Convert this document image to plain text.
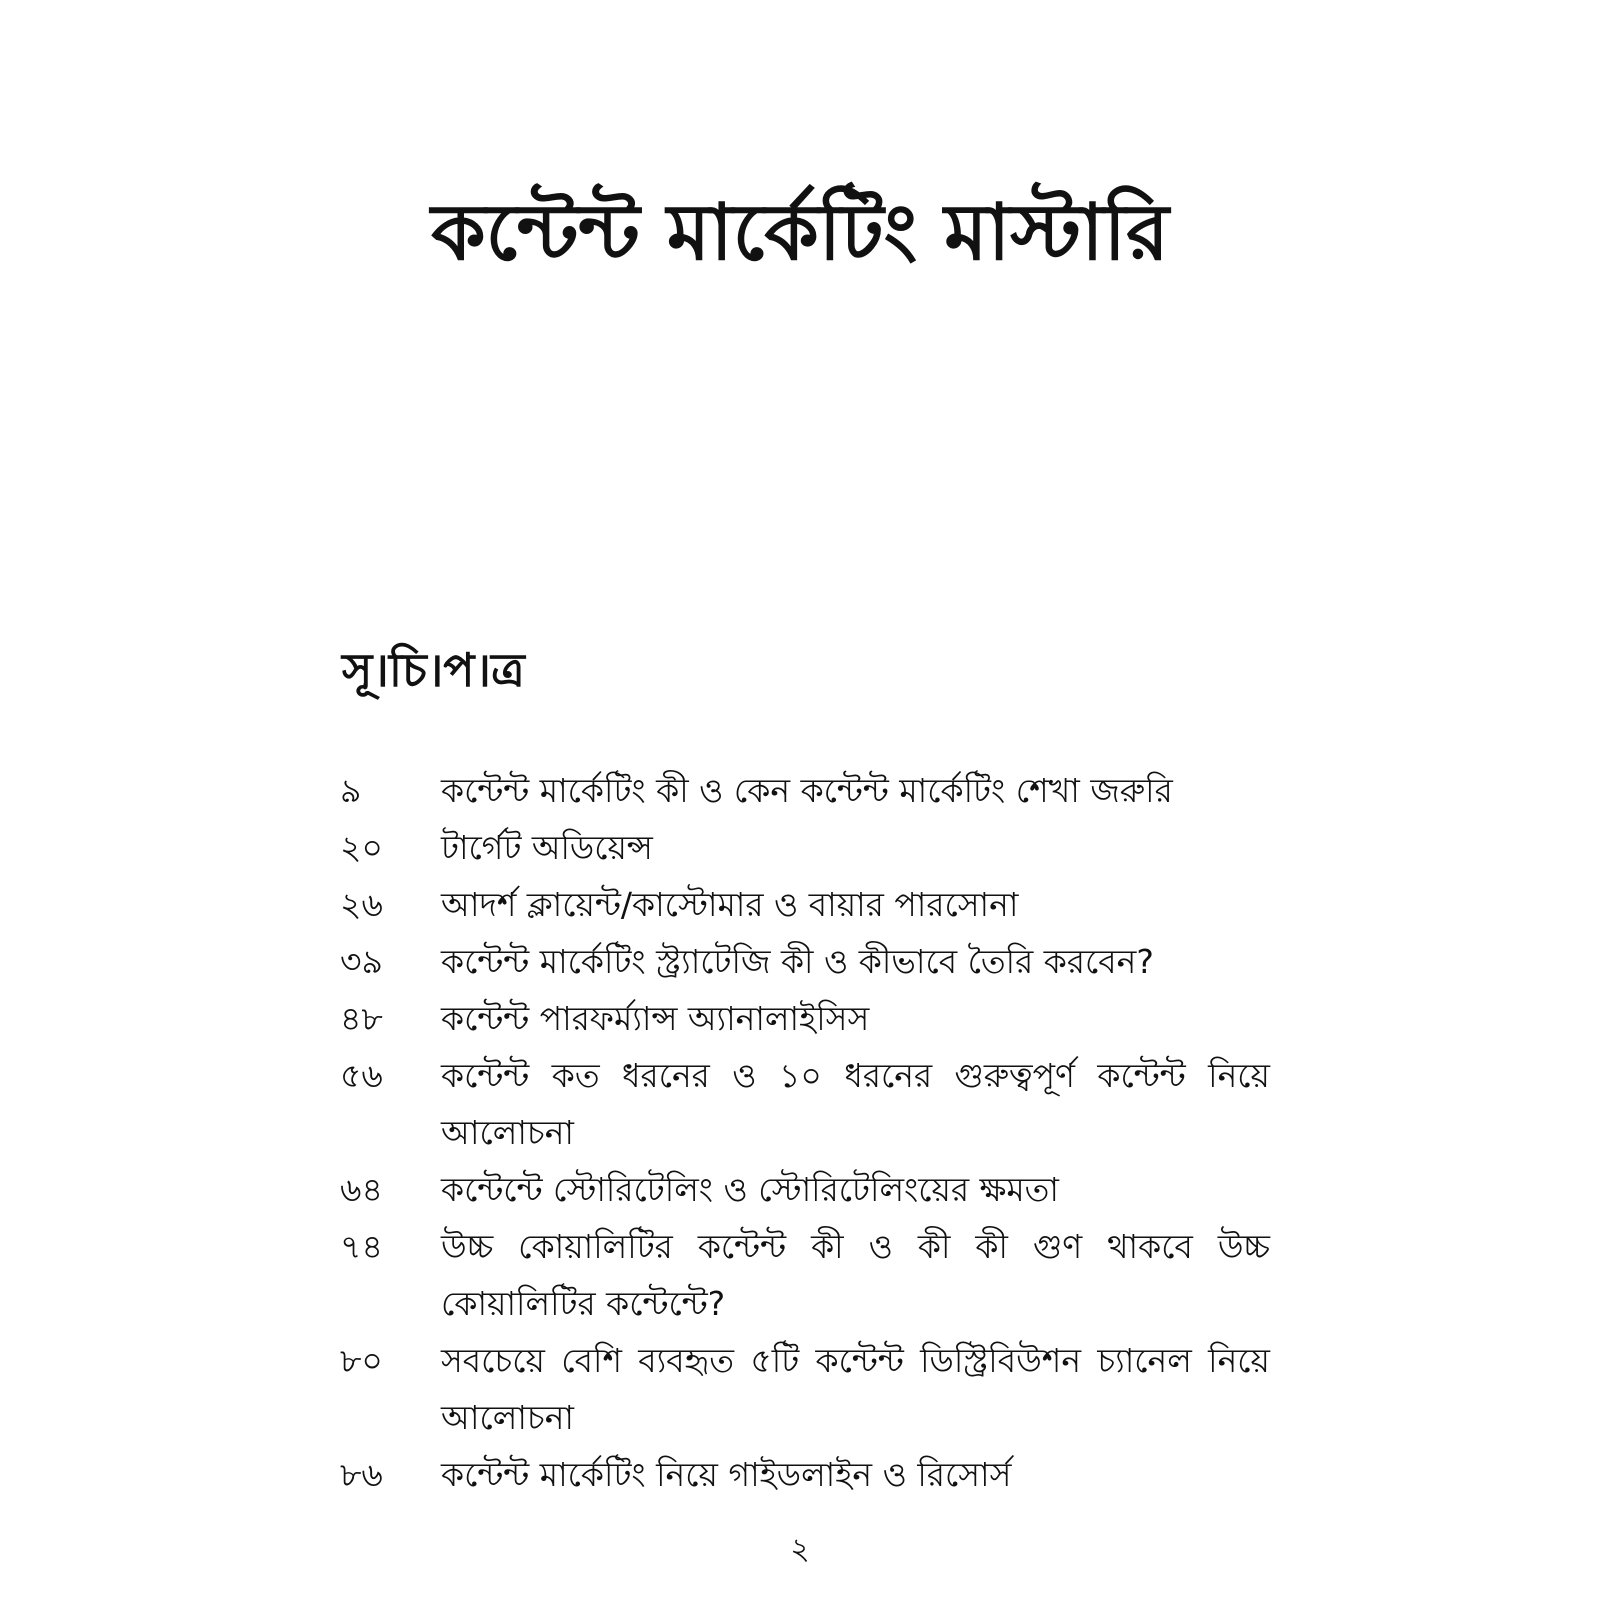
কন্টেন্ট মার্কেটিং মাস্টারি
সূ।চি।প।ত্র
৯	কন্টেন্ট মার্কেটিং কী ও কেন কন্টেন্ট মার্কেটিং শেখা জরুরি
২০	টার্গেট অডিয়েন্স
২৬	আদর্শ ক্লায়েন্ট/কাস্টোমার ও বায়ার পারসোনা
৩৯	কন্টেন্ট মার্কেটিং স্ট্র্যাটেজি কী ও কীভাবে তৈরি করবেন?
৪৮	কন্টেন্ট পারফর্ম্যান্স অ্যানালাইসিস
৫৬	কন্টেন্ট কত ধরনের ও ১০ ধরনের গুরুত্বপূর্ণ কন্টেন্ট নিয়ে আলোচনা
৬৪	কন্টেন্টে স্টোরিটেলিং ও স্টোরিটেলিংয়ের ক্ষমতা
৭৪	উচ্চ কোয়ালিটির কন্টেন্ট কী ও কী কী গুণ থাকবে উচ্চ কোয়ালিটির কন্টেন্টে?
৮০	সবচেয়ে বেশি ব্যবহৃত ৫টি কন্টেন্ট ডিস্ট্রিবিউশন চ্যানেল নিয়ে আলোচনা
৮৬	কন্টেন্ট মার্কেটিং নিয়ে গাইডলাইন ও রিসোর্স
২
